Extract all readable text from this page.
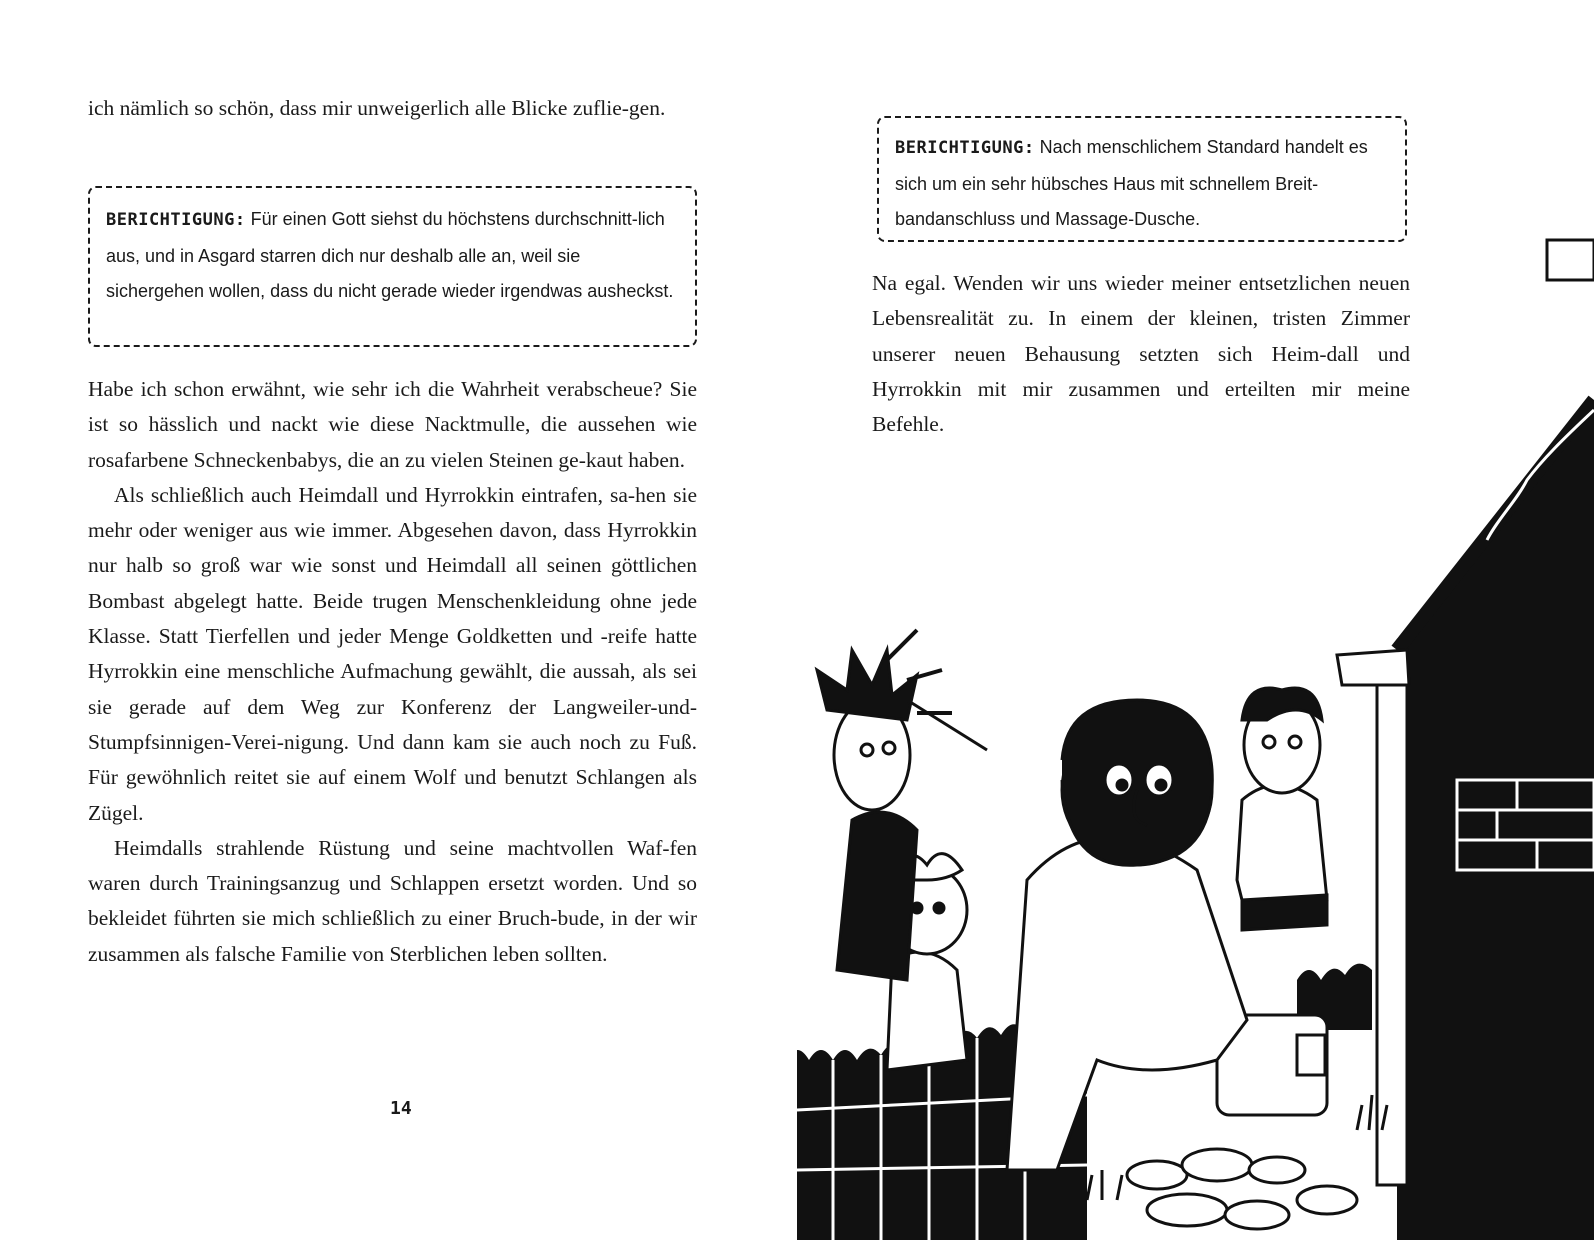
ich nämlich so schön, dass mir unweigerlich alle Blicke zuflie-gen.

BERICHTIGUNG: Für einen Gott siehst du höchstens durchschnitt-lich aus, und in Asgard starren dich nur deshalb alle an, weil sie sichergehen wollen, dass du nicht gerade wieder irgendwas ausheckst.

Habe ich schon erwähnt, wie sehr ich die Wahrheit verabscheue? Sie ist so hässlich und nackt wie diese Nacktmulle, die aussehen wie rosafarbene Schneckenbabys, die an zu vielen Steinen ge-kaut haben.

Als schließlich auch Heimdall und Hyrrokkin eintrafen, sa-hen sie mehr oder weniger aus wie immer. Abgesehen davon, dass Hyrrokkin nur halb so groß war wie sonst und Heimdall all seinen göttlichen Bombast abgelegt hatte. Beide trugen Menschenkleidung ohne jede Klasse. Statt Tierfellen und jeder Menge Goldketten und -reife hatte Hyrrokkin eine menschliche Aufmachung gewählt, die aussah, als sei sie gerade auf dem Weg zur Konferenz der Langweiler-und-Stumpfsinnigen-Verei-nigung. Und dann kam sie auch noch zu Fuß. Für gewöhnlich reitet sie auf einem Wolf und benutzt Schlangen als Zügel.

Heimdalls strahlende Rüstung und seine machtvollen Waf-fen waren durch Trainingsanzug und Schlappen ersetzt worden. Und so bekleidet führten sie mich schließlich zu einer Bruch-bude, in der wir zusammen als falsche Familie von Sterblichen leben sollten.

14
BERICHTIGUNG: Nach menschlichem Standard handelt es sich um ein sehr hübsches Haus mit schnellem Breit-bandanschluss und Massage-Dusche.

Na egal. Wenden wir uns wieder meiner entsetzlichen neuen Lebensrealität zu. In einem der kleinen, tristen Zimmer unserer neuen Behausung setzten sich Heim-dall und Hyrrokkin mit mir zusammen und erteilten mir meine Befehle.
